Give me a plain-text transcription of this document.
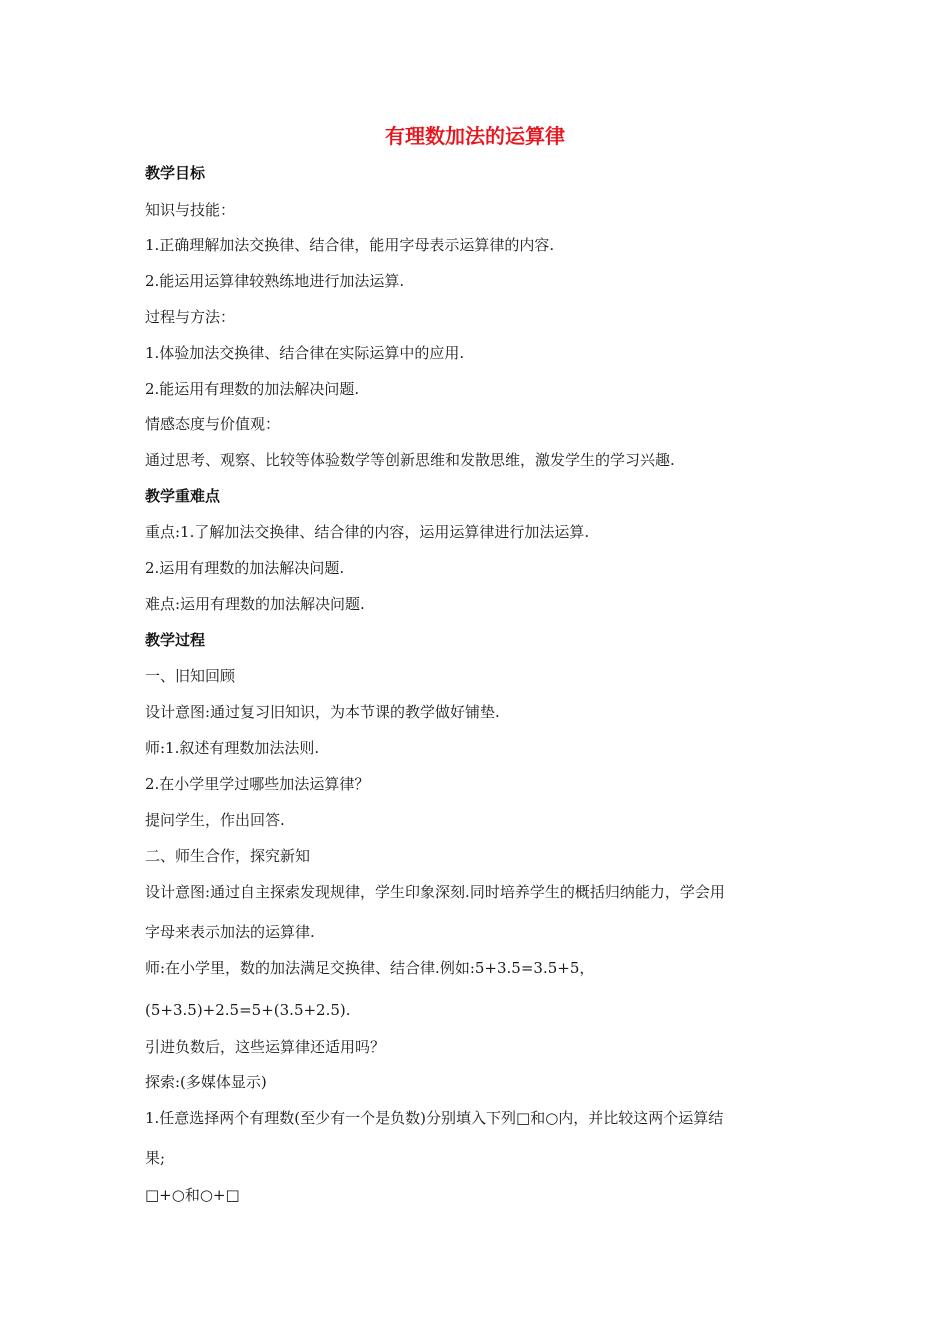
有理数加法的运算律
教学目标
知识与技能：
1.正确理解加法交换律、结合律，能用字母表示运算律的内容.
2.能运用运算律较熟练地进行加法运算.
过程与方法：
1.体验加法交换律、结合律在实际运算中的应用.
2.能运用有理数的加法解决问题.
情感态度与价值观：
通过思考、观察、比较等体验数学等创新思维和发散思维，激发学生的学习兴趣.
教学重难点
重点:1.了解加法交换律、结合律的内容，运用运算律进行加法运算.
2.运用有理数的加法解决问题.
难点:运用有理数的加法解决问题.
教学过程
一、旧知回顾
设计意图:通过复习旧知识，为本节课的教学做好铺垫.
师:1.叙述有理数加法法则.
2.在小学里学过哪些加法运算律？
提问学生，作出回答.
二、师生合作，探究新知
设计意图:通过自主探索发现规律，学生印象深刻.同时培养学生的概括归纳能力，学会用
字母来表示加法的运算律.
师:在小学里，数的加法满足交换律、结合律.例如:5+3.5=3.5+5，
(5+3.5)+2.5=5+(3.5+2.5).
引进负数后，这些运算律还适用吗？
探索:(多媒体显示)
1.任意选择两个有理数(至少有一个是负数)分别填入下列□和○内，并比较这两个运算结
果;
□+○和○+□
